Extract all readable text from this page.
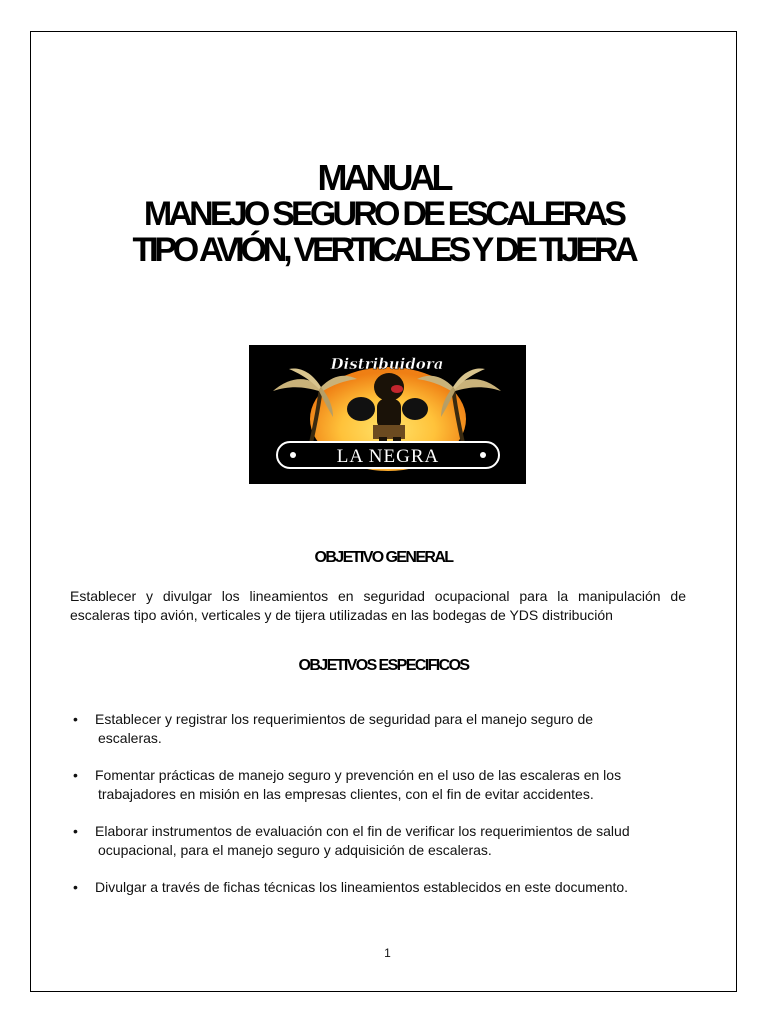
MANUAL
MANEJO SEGURO DE ESCALERAS
TIPO AVIÓN, VERTICALES Y DE TIJERA
Distribuidora
LA NEGRA
OBJETIVO GENERAL
Establecer y divulgar los lineamientos en seguridad ocupacional para la manipulación de
escaleras tipo avión, verticales y de tijera utilizadas en las bodegas de YDS distribución
OBJETIVOS ESPECIFICOS
• Establecer y registrar los requerimientos de seguridad para el manejo seguro de
escaleras.
• Fomentar prácticas de manejo seguro y prevención en el uso de las escaleras en los
trabajadores en misión en las empresas clientes, con el fin de evitar accidentes.
• Elaborar instrumentos de evaluación con el fin de verificar los requerimientos de salud
ocupacional, para el manejo seguro y adquisición de escaleras.
• Divulgar a través de fichas técnicas los lineamientos establecidos en este documento.
1
